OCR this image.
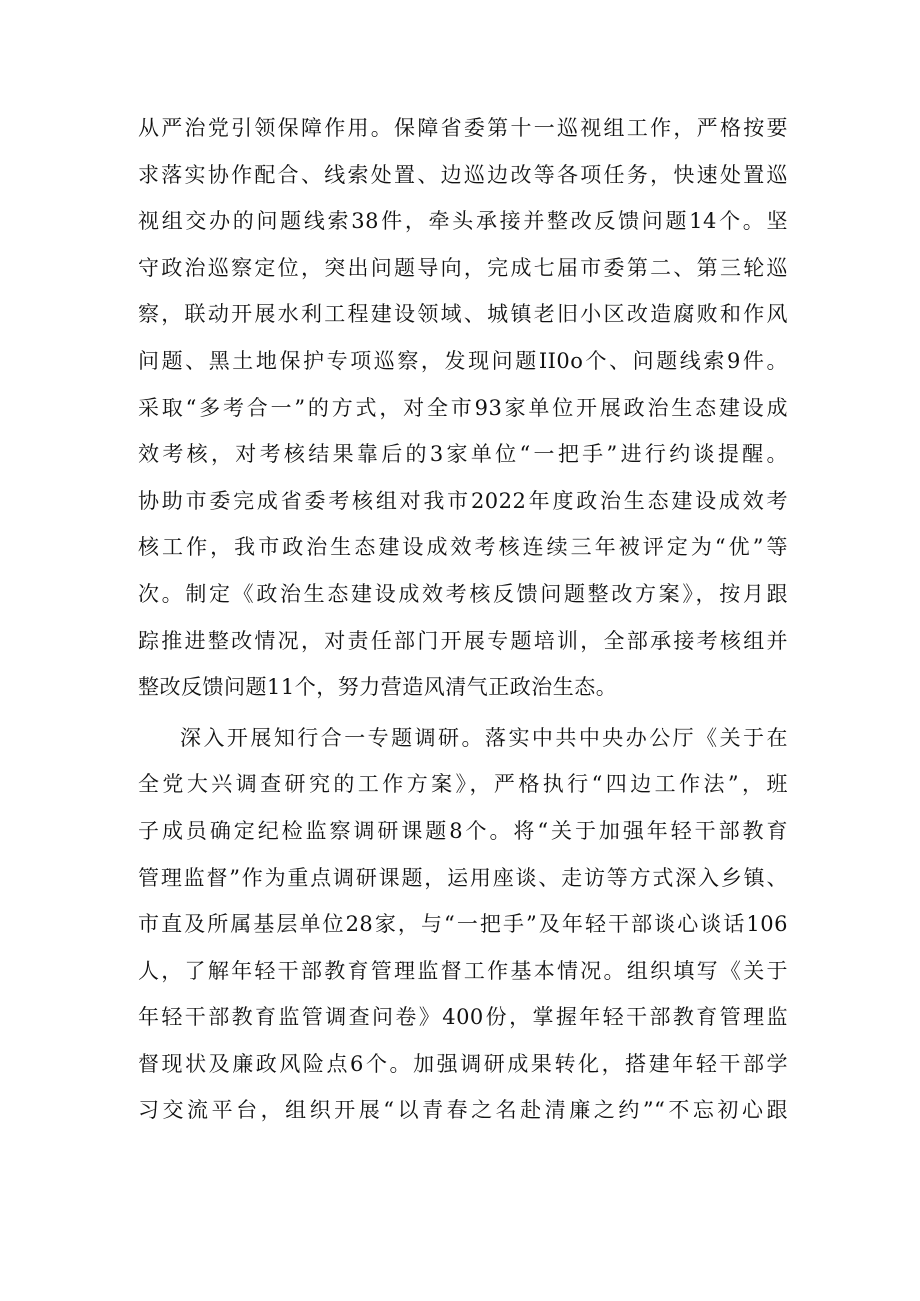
从严治党引领保障作用。保障省委第十一巡视组工作，严格按要
求落实协作配合、线索处置、边巡边改等各项任务，快速处置巡
视组交办的问题线索38件，牵头承接并整改反馈问题14个。坚
守政治巡察定位，突出问题导向，完成七届市委第二、第三轮巡
察，联动开展水利工程建设领域、城镇老旧小区改造腐败和作风
问题、黑土地保护专项巡察，发现问题II0o个、问题线索9件。
采取“多考合一”的方式，对全市93家单位开展政治生态建设成
效考核，对考核结果靠后的3家单位“一把手”进行约谈提醒。
协助市委完成省委考核组对我市2022年度政治生态建设成效考
核工作，我市政治生态建设成效考核连续三年被评定为“优”等
次。制定《政治生态建设成效考核反馈问题整改方案》，按月跟
踪推进整改情况，对责任部门开展专题培训，全部承接考核组并
整改反馈问题11个，努力营造风清气正政治生态。
深入开展知行合一专题调研。落实中共中央办公厅《关于在
全党大兴调查研究的工作方案》，严格执行“四边工作法”，班
子成员确定纪检监察调研课题8个。将“关于加强年轻干部教育
管理监督”作为重点调研课题，运用座谈、走访等方式深入乡镇、
市直及所属基层单位28家，与“一把手”及年轻干部谈心谈话106
人，了解年轻干部教育管理监督工作基本情况。组织填写《关于
年轻干部教育监管调查问卷》400份，掌握年轻干部教育管理监
督现状及廉政风险点6个。加强调研成果转化，搭建年轻干部学
习交流平台，组织开展“以青春之名赴清廉之约”“不忘初心跟
